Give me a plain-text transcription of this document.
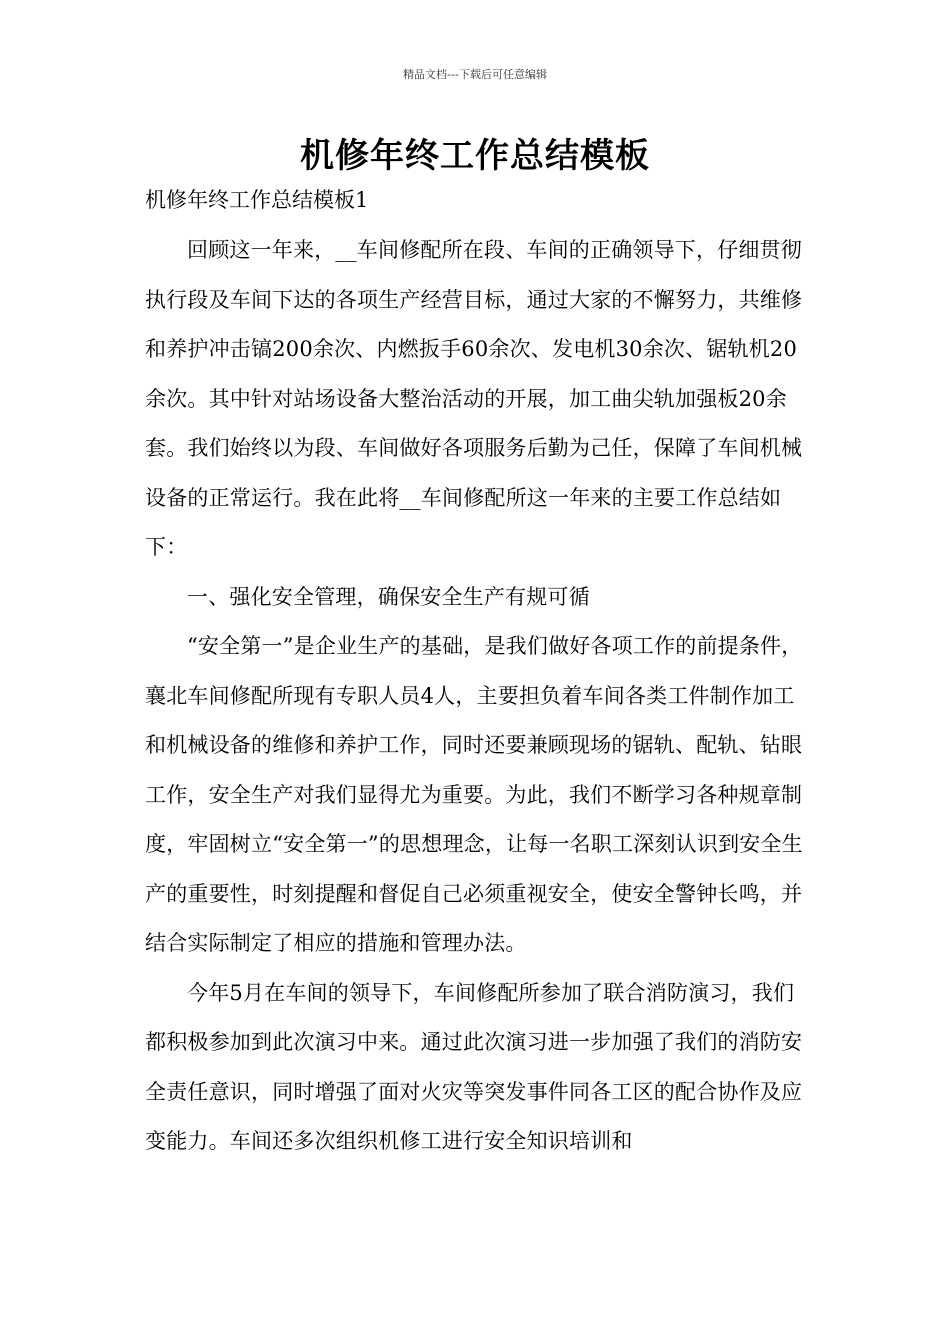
精品文档---下载后可任意编辑
机修年终工作总结模板

机修年终工作总结模板1

回顾这一年来，__车间修配所在段、车间的正确领导下，仔细贯彻执行段及车间下达的各项生产经营目标，通过大家的不懈努力，共维修和养护冲击镐200余次、内燃扳手60余次、发电机30余次、锯轨机20余次。其中针对站场设备大整治活动的开展，加工曲尖轨加强板20余套。我们始终以为段、车间做好各项服务后勤为己任，保障了车间机械设备的正常运行。我在此将__车间修配所这一年来的主要工作总结如下：

一、强化安全管理，确保安全生产有规可循

“安全第一”是企业生产的基础，是我们做好各项工作的前提条件，襄北车间修配所现有专职人员4人，主要担负着车间各类工件制作加工和机械设备的维修和养护工作，同时还要兼顾现场的锯轨、配轨、钻眼工作，安全生产对我们显得尤为重要。为此，我们不断学习各种规章制度，牢固树立“安全第一”的思想理念，让每一名职工深刻认识到安全生产的重要性，时刻提醒和督促自己必须重视安全，使安全警钟长鸣，并结合实际制定了相应的措施和管理办法。

今年5月在车间的领导下，车间修配所参加了联合消防演习，我们都积极参加到此次演习中来。通过此次演习进一步加强了我们的消防安全责任意识，同时增强了面对火灾等突发事件同各工区的配合协作及应变能力。车间还多次组织机修工进行安全知识培训和
